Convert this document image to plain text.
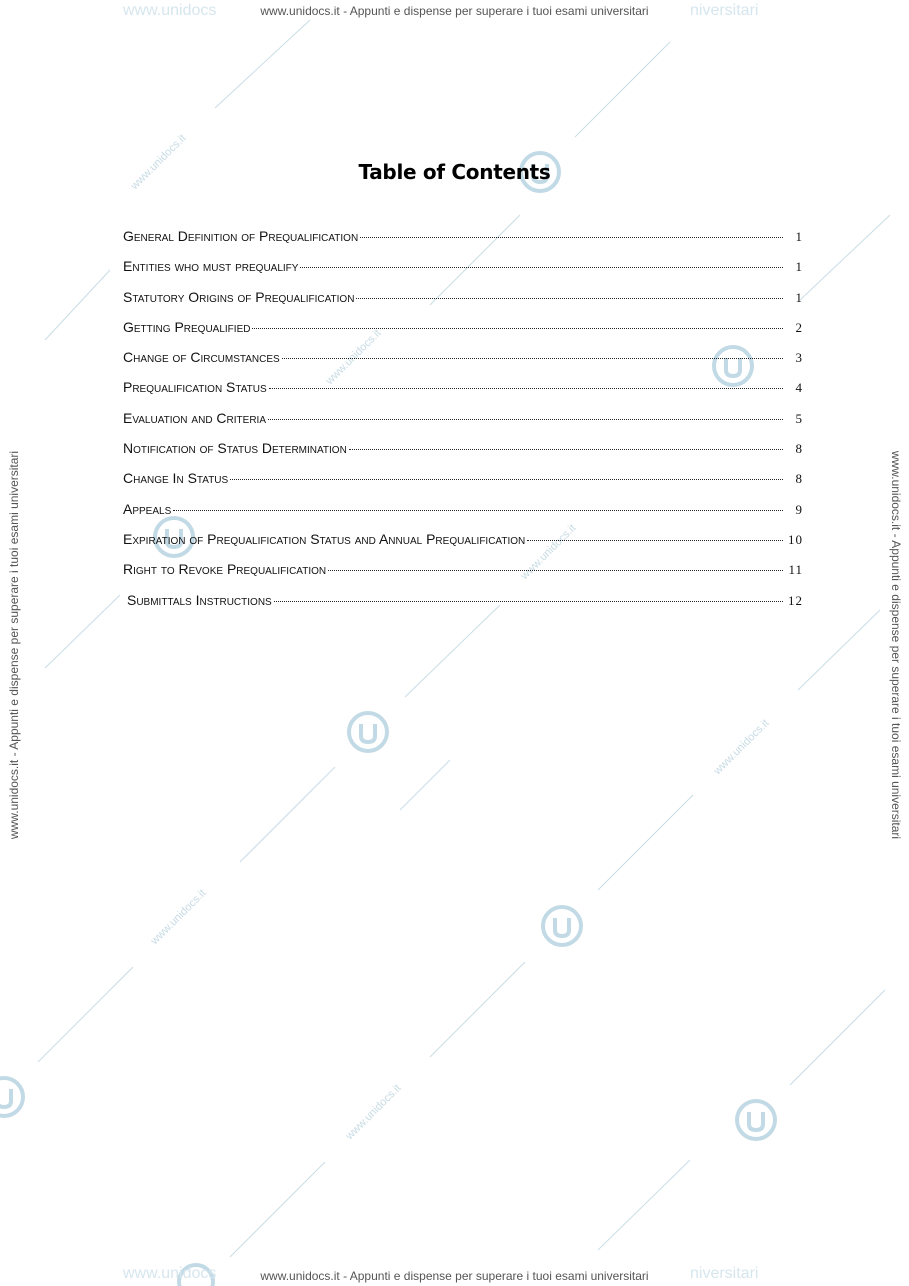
www.unidocs.it
www.unidocs.it
www.unidocs.it
www.unidocs.it
www.unidocs.it
www.unidocs.it
www.unidocs	niversitari
www.unidocs.it - Appunti e dispense per superare i tuoi esami universitari
www.unidocs	niversitari
www.unidocs.it - Appunti e dispense per superare i tuoi esami universitari
www.unidocs.it - Appunti e dispense per superare i tuoi esami universitari	www.unidocs.it - Appunti e dispense per superare i tuoi esami universitari
Table of Contents
General Definition of Prequalification	1
Entities who must prequalify	1
Statutory Origins of Prequalification	1
Getting Prequalified	2
Change of Circumstances	3
Prequalification Status	4
Evaluation and Criteria	5
Notification of Status Determination	8
Change In Status	8
Appeals	9
Expiration of Prequalification Status and Annual Prequalification	10
Right to Revoke Prequalification	11
Submittals Instructions	12
